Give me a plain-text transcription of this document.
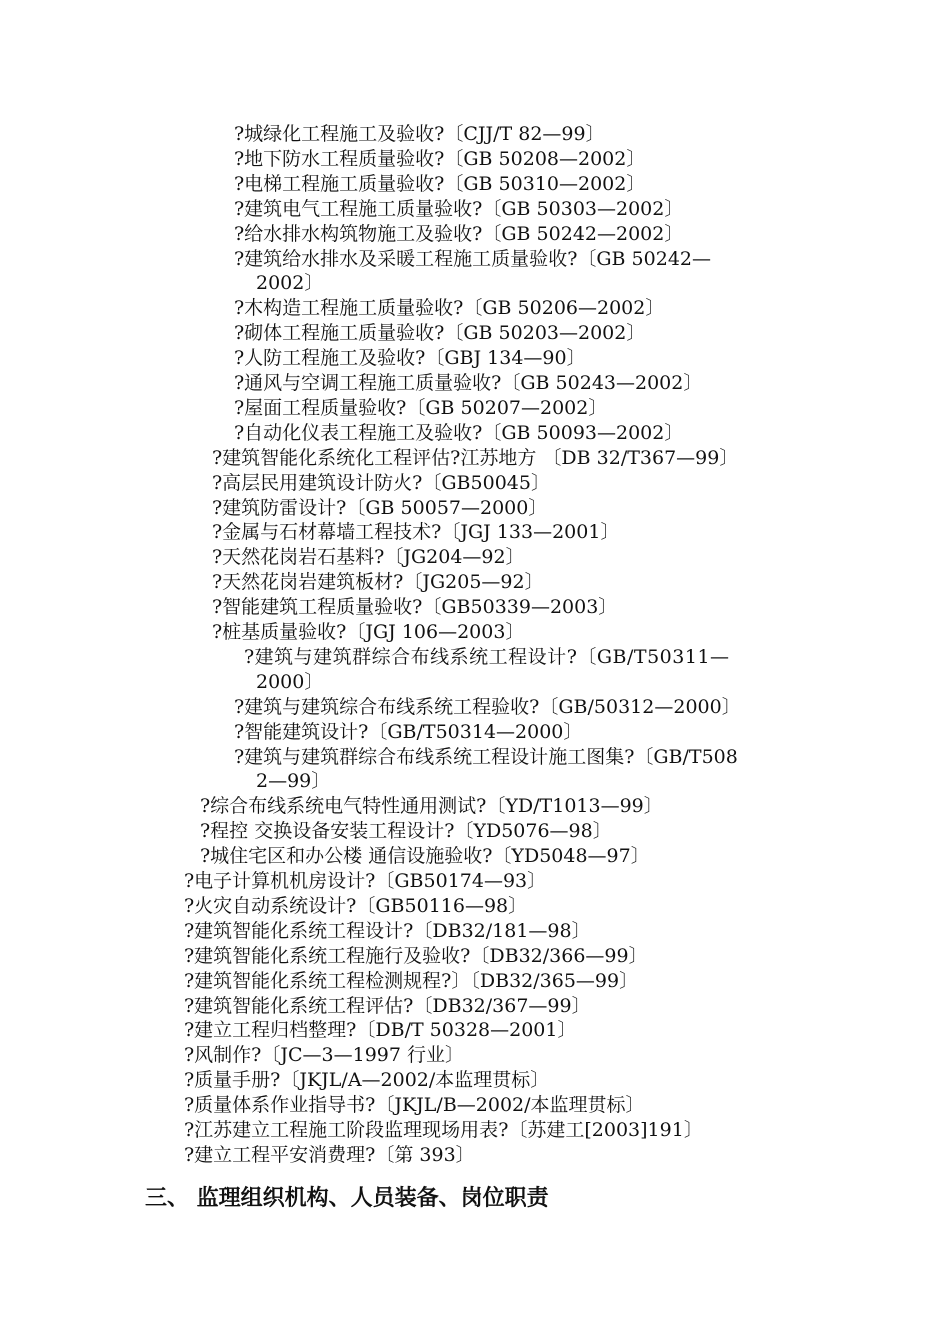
?城绿化工程施工及验收?〔CJJ/T 82—99〕
?地下防水工程质量验收?〔GB 50208—2002〕
?电梯工程施工质量验收?〔GB 50310—2002〕
?建筑电气工程施工质量验收?〔GB 50303—2002〕
?给水排水构筑物施工及验收?〔GB 50242—2002〕
?建筑给水排水及采暖工程施工质量验收?〔GB 50242—
2002〕
?木构造工程施工质量验收?〔GB 50206—2002〕
?砌体工程施工质量验收?〔GB 50203—2002〕
?人防工程施工及验收?〔GBJ 134—90〕
?通风与空调工程施工质量验收?〔GB 50243—2002〕
?屋面工程质量验收?〔GB 50207—2002〕
?自动化仪表工程施工及验收?〔GB 50093—2002〕
?建筑智能化系统化工程评估?江苏地方 〔DB 32/T367—99〕
?高层民用建筑设计防火?〔GB50045〕
?建筑防雷设计?〔GB 50057—2000〕
?金属与石材幕墙工程技术?〔JGJ 133—2001〕
?天然花岗岩石基料?〔JG204—92〕
?天然花岗岩建筑板材?〔JG205—92〕
?智能建筑工程质量验收?〔GB50339—2003〕
?桩基质量验收?〔JGJ 106—2003〕
?建筑与建筑群综合布线系统工程设计?〔GB/T50311—
2000〕
?建筑与建筑综合布线系统工程验收?〔GB/50312—2000〕
?智能建筑设计?〔GB/T50314—2000〕
?建筑与建筑群综合布线系统工程设计施工图集?〔GB/T508
2—99〕
?综合布线系统电气特性通用测试?〔YD/T1013—99〕
?程控 交换设备安装工程设计?〔YD5076—98〕
?城住宅区和办公楼 通信设施验收?〔YD5048—97〕
?电子计算机机房设计?〔GB50174—93〕
?火灾自动系统设计?〔GB50116—98〕
?建筑智能化系统工程设计?〔DB32/181—98〕
?建筑智能化系统工程施行及验收?〔DB32/366—99〕
?建筑智能化系统工程检测规程?〕〔DB32/365—99〕
?建筑智能化系统工程评估?〔DB32/367—99〕
?建立工程归档整理?〔DB/T 50328—2001〕
?风制作?〔JC—3—1997 行业〕
?质量手册?〔JKJL/A—2002/本监理贯标〕
?质量体系作业指导书?〔JKJL/B—2002/本监理贯标〕
?江苏建立工程施工阶段监理现场用表?〔苏建工[2003]191〕
?建立工程平安消费理?〔第 393〕
三、 监理组织机构、人员装备、岗位职责
